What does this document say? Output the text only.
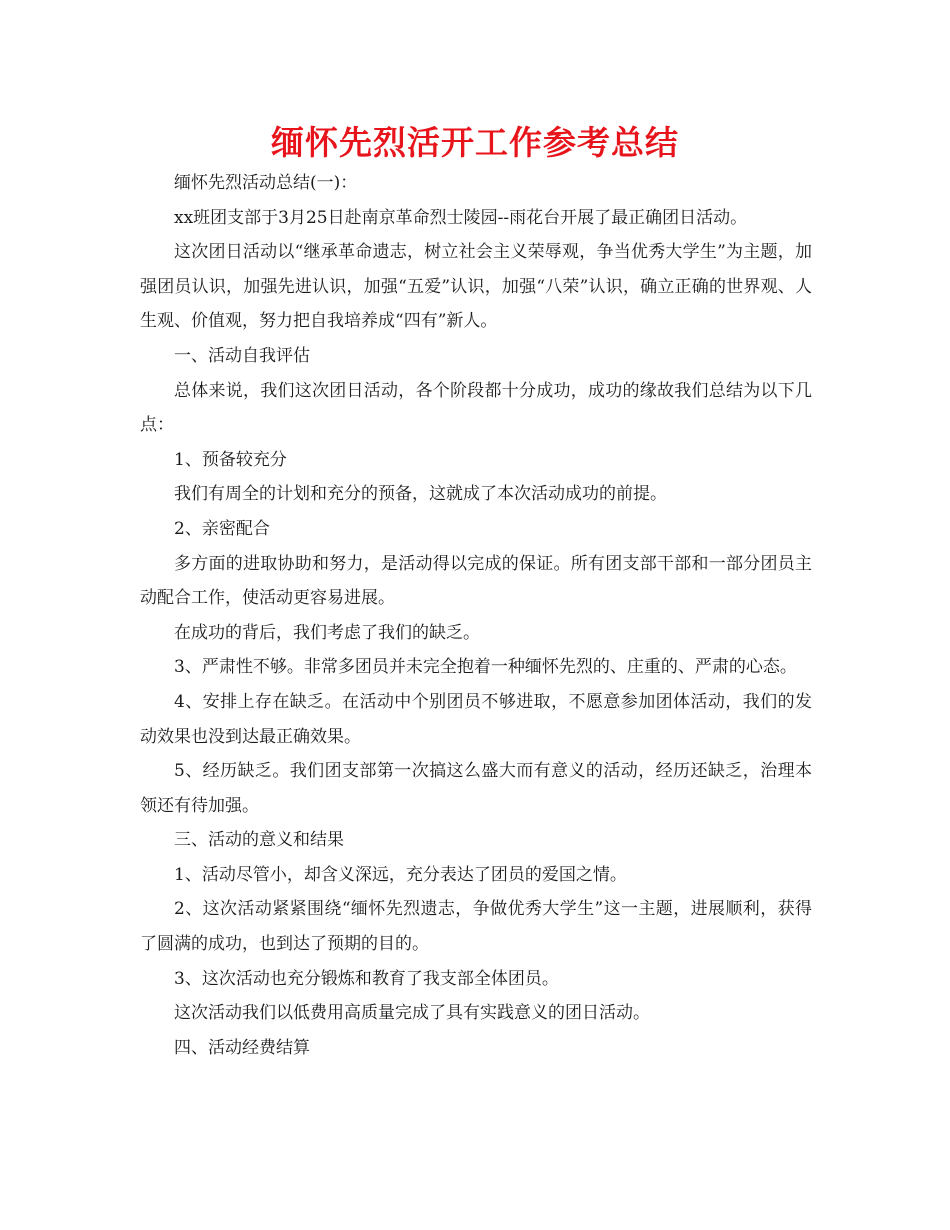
缅怀先烈活开工作参考总结

缅怀先烈活动总结(一)：

xx班团支部于3月25日赴南京革命烈士陵园--雨花台开展了最正确团日活动。

这次团日活动以“继承革命遗志，树立社会主义荣辱观，争当优秀大学生”为主题，加强团员认识，加强先进认识，加强“五爱”认识，加强“八荣”认识，确立正确的世界观、人生观、价值观，努力把自我培养成“四有”新人。

一、活动自我评估

总体来说，我们这次团日活动，各个阶段都十分成功，成功的缘故我们总结为以下几点：

1、预备较充分

我们有周全的计划和充分的预备，这就成了本次活动成功的前提。

2、亲密配合

多方面的进取协助和努力，是活动得以完成的保证。所有团支部干部和一部分团员主动配合工作，使活动更容易进展。

在成功的背后，我们考虑了我们的缺乏。

3、严肃性不够。非常多团员并未完全抱着一种缅怀先烈的、庄重的、严肃的心态。

4、安排上存在缺乏。在活动中个别团员不够进取，不愿意参加团体活动，我们的发动效果也没到达最正确效果。

5、经历缺乏。我们团支部第一次搞这么盛大而有意义的活动，经历还缺乏，治理本领还有待加强。

三、活动的意义和结果

1、活动尽管小，却含义深远，充分表达了团员的爱国之情。

2、这次活动紧紧围绕“缅怀先烈遗志，争做优秀大学生”这一主题，进展顺利，获得了圆满的成功，也到达了预期的目的。

3、这次活动也充分锻炼和教育了我支部全体团员。

这次活动我们以低费用高质量完成了具有实践意义的团日活动。

四、活动经费结算
